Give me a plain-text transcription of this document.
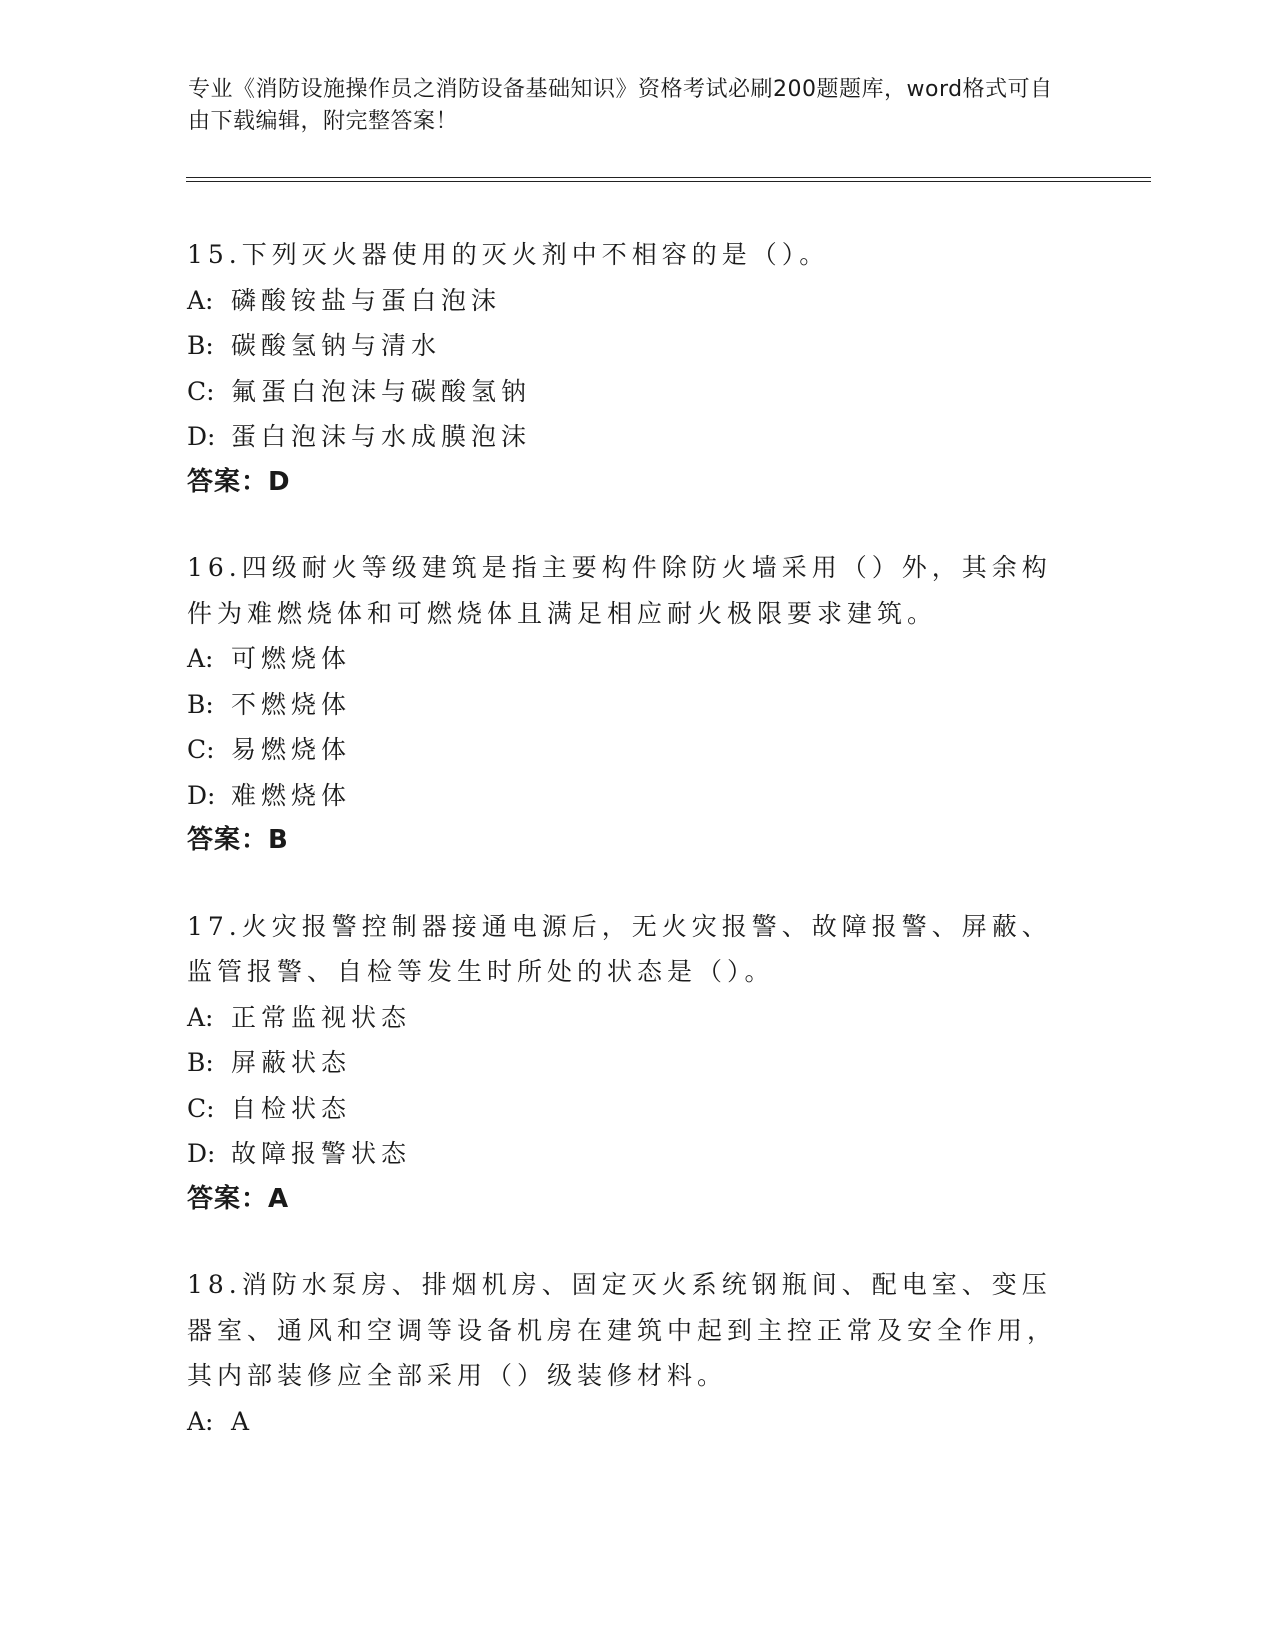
专业《消防设施操作员之消防设备基础知识》资格考试必刷200题题库，word格式可自由下载编辑，附完整答案！
15.下列灭火器使用的灭火剂中不相容的是（）。
A: 磷酸铵盐与蛋白泡沫
B: 碳酸氢钠与清水
C: 氟蛋白泡沫与碳酸氢钠
D: 蛋白泡沫与水成膜泡沫
答案：D
16.四级耐火等级建筑是指主要构件除防火墙采用（）外，其余构件为难燃烧体和可燃烧体且满足相应耐火极限要求建筑。
A: 可燃烧体
B: 不燃烧体
C: 易燃烧体
D: 难燃烧体
答案：B
17.火灾报警控制器接通电源后，无火灾报警、故障报警、屏蔽、监管报警、自检等发生时所处的状态是（）。
A: 正常监视状态
B: 屏蔽状态
C: 自检状态
D: 故障报警状态
答案：A
18.消防水泵房、排烟机房、固定灭火系统钢瓶间、配电室、变压器室、通风和空调等设备机房在建筑中起到主控正常及安全作用，其内部装修应全部采用（）级装修材料。
A: A
